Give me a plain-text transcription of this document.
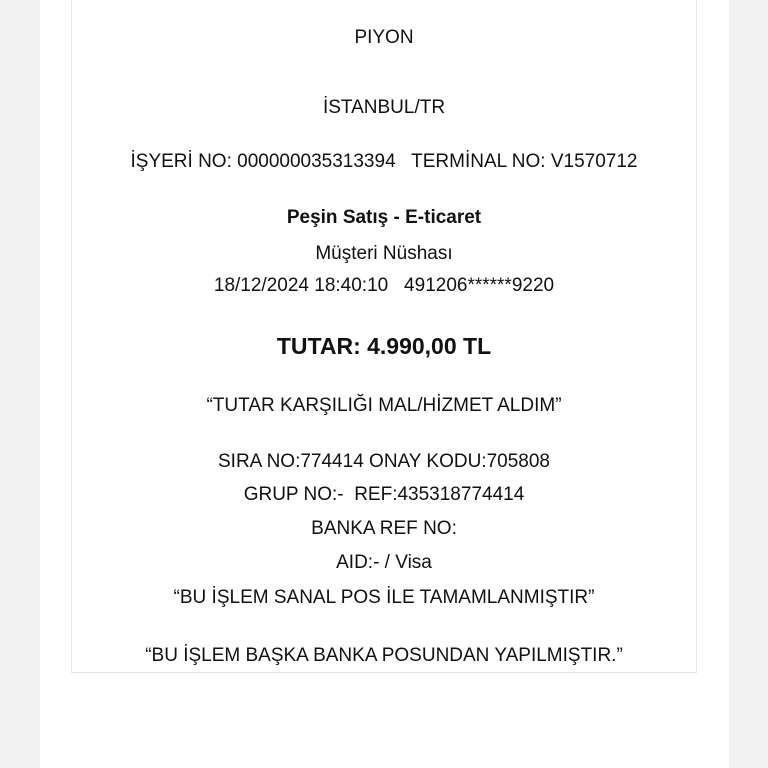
PIYON
İSTANBUL/TR
İŞYERİ NO: 000000035313394   TERMİNAL NO: V1570712
Peşin Satış - E-ticaret
Müşteri Nüshası
18/12/2024 18:40:10   491206******9220
TUTAR: 4.990,00 TL
“TUTAR KARŞILIĞI MAL/HİZMET ALDIM”
SIRA NO:774414 ONAY KODU:705808
GRUP NO:-  REF:435318774414
BANKA REF NO:
AID:- / Visa
“BU İŞLEM SANAL POS İLE TAMAMLANMIŞTIR”
“BU İŞLEM BAŞKA BANKA POSUNDAN YAPILMIŞTIR.”
